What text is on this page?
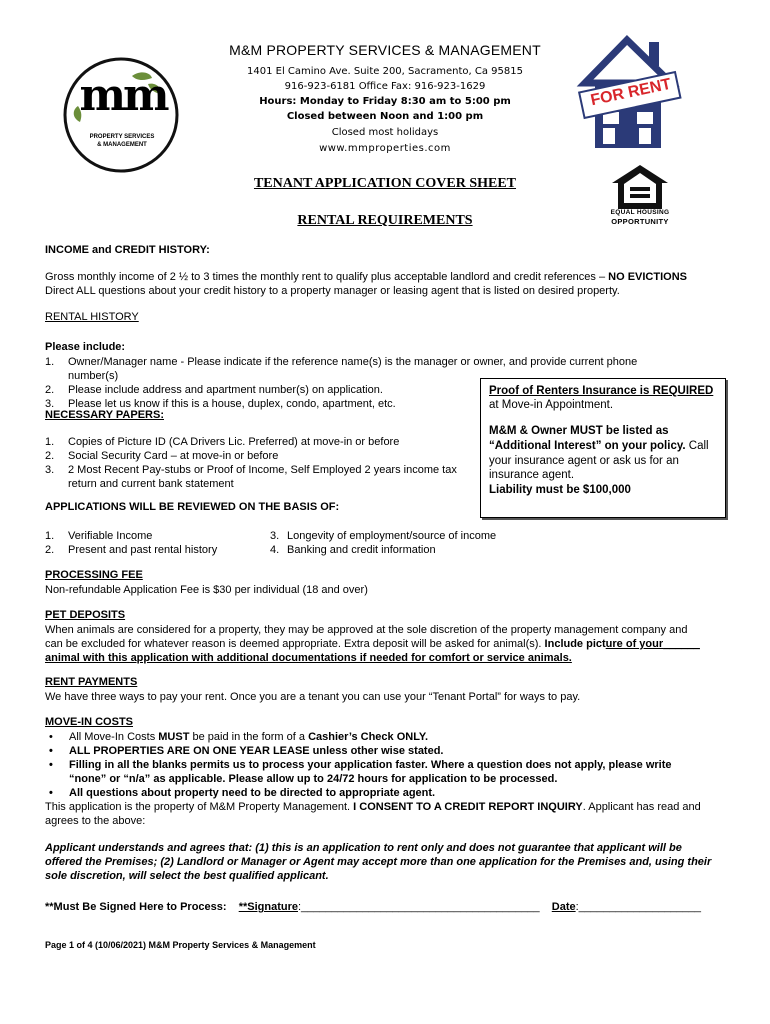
mm
PROPERTY SERVICES
& MANAGEMENT
M&M PROPERTY SERVICES & MANAGEMENT
1401 El Camino Ave. Suite 200, Sacramento, Ca 95815
916-923-6181 Office Fax: 916-923-1629
Hours: Monday to Friday 8:30 am to 5:00 pm
Closed between Noon and 1:00 pm
Closed most holidays
www.mmproperties.com
FOR RENT
EQUAL HOUSING
OPPORTUNITY
TENANT APPLICATION COVER SHEET
RENTAL REQUIREMENTS
INCOME and CREDIT HISTORY:
Gross monthly income of 2 ½ to 3 times the monthly rent to qualify plus acceptable landlord and credit references – NO EVICTIONS
Direct ALL questions about your credit history to a property manager or leasing agent that is listed on desired property.
RENTAL HISTORY
Please include:
1. Owner/Manager name - Please indicate if the reference name(s) is the manager or owner, and provide current phone number(s)
2. Please include address and apartment number(s) on application.
3. Please let us know if this is a house, duplex, condo, apartment, etc.
NECESSARY PAPERS:
1. Copies of Picture ID (CA Drivers Lic. Preferred) at move-in or before
2. Social Security Card – at move-in or before
3. 2 Most Recent Pay-stubs or Proof of Income, Self Employed 2 years income tax return and current bank statement
Proof of Renters Insurance is REQUIRED
at Move-in Appointment.
M&M & Owner MUST be listed as
“Additional Interest” on your policy. Call
your insurance agent or ask us for an
insurance agent.
Liability must be $100,000
APPLICATIONS WILL BE REVIEWED ON THE BASIS OF:
1. Verifiable Income
2. Present and past rental history
3. Longevity of employment/source of income
4. Banking and credit information
PROCESSING FEE
Non-refundable Application Fee is $30 per individual (18 and over)
PET DEPOSITS
When animals are considered for a property, they may be approved at the sole discretion of the property management company and
can be excluded for whatever reason is deemed appropriate. Extra deposit will be asked for animal(s). Include picture of your______
animal with this application with additional documentations if needed for comfort or service animals.
RENT PAYMENTS
We have three ways to pay your rent. Once you are a tenant you can use your “Tenant Portal” for ways to pay.
MOVE-IN COSTS
• All Move-In Costs MUST be paid in the form of a Cashier’s Check ONLY.
• ALL PROPERTIES ARE ON ONE YEAR LEASE unless other wise stated.
• Filling in all the blanks permits us to process your application faster. Where a question does not apply, please write “none” or “n/a” as applicable. Please allow up to 24/72 hours for application to be processed.
• All questions about property need to be directed to appropriate agent.
This application is the property of M&M Property Management. I CONSENT TO A CREDIT REPORT INQUIRY. Applicant has read and agrees to the above:
Applicant understands and agrees that: (1) this is an application to rent only and does not guarantee that applicant will be offered the Premises; (2) Landlord or Manager or Agent may accept more than one application for the Premises and, using their sole discretion, will select the best qualified applicant.
**Must Be Signed Here to Process: **Signature:_______________________________________ Date:____________________
Page 1 of 4 (10/06/2021) M&M Property Services & Management
